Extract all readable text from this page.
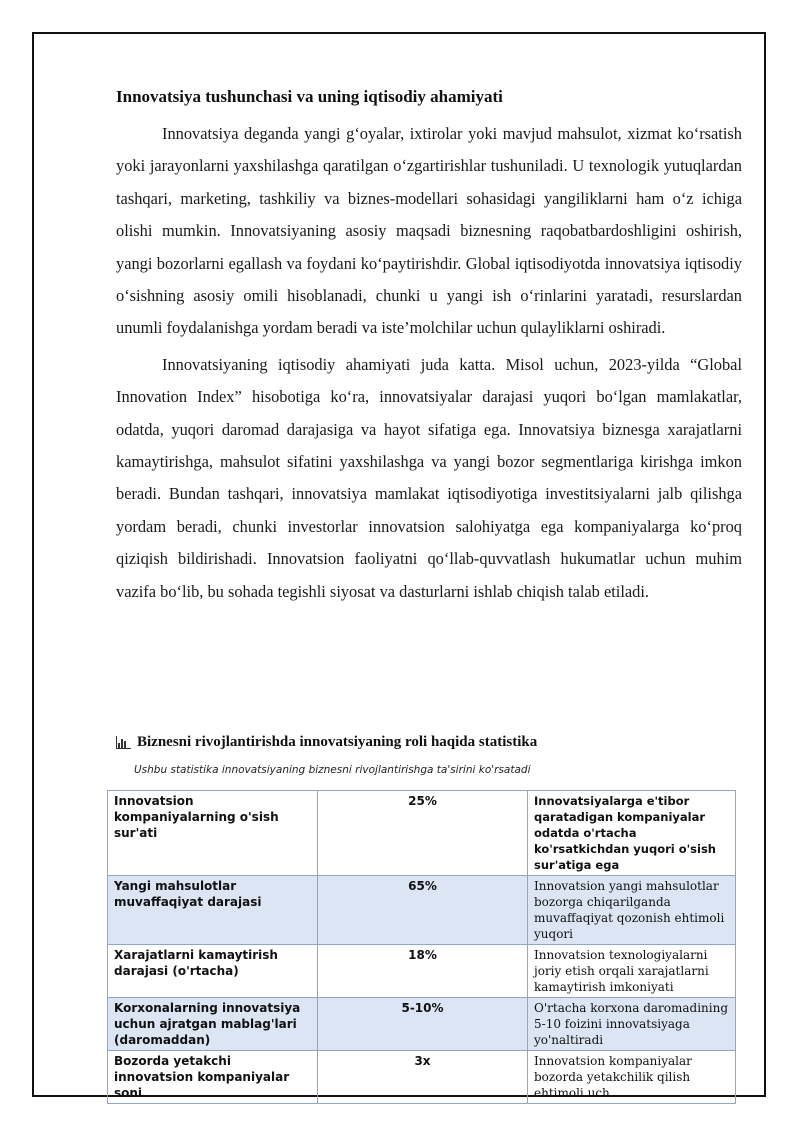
Innovatsiya tushunchasi va uning iqtisodiy ahamiyati

Innovatsiya deganda yangi g‘oyalar, ixtirolar yoki mavjud mahsulot, xizmat ko‘rsatish yoki jarayonlarni yaxshilashga qaratilgan o‘zgartirishlar tushuniladi. U texnologik yutuqlardan tashqari, marketing, tashkiliy va biznes-modellari sohasidagi yangiliklarni ham o‘z ichiga olishi mumkin. Innovatsiyaning asosiy maqsadi biznesning raqobatbardoshligini oshirish, yangi bozorlarni egallash va foydani ko‘paytirishdir. Global iqtisodiyotda innovatsiya iqtisodiy o‘sishning asosiy omili hisoblanadi, chunki u yangi ish o‘rinlarini yaratadi, resurslardan unumli foydalanishga yordam beradi va iste’molchilar uchun qulayliklarni oshiradi.

Innovatsiyaning iqtisodiy ahamiyati juda katta. Misol uchun, 2023-yilda “Global Innovation Index” hisobotiga ko‘ra, innovatsiyalar darajasi yuqori bo‘lgan mamlakatlar, odatda, yuqori daromad darajasiga va hayot sifatiga ega. Innovatsiya biznesga xarajatlarni kamaytirishga, mahsulot sifatini yaxshilashga va yangi bozor segmentlariga kirishga imkon beradi. Bundan tashqari, innovatsiya mamlakat iqtisodiyotiga investitsiyalarni jalb qilishga yordam beradi, chunki investorlar innovatsion salohiyatga ega kompaniyalarga ko‘proq qiziqish bildirishadi. Innovatsion faoliyatni qo‘llab-quvvatlash hukumatlar uchun muhim vazifa bo‘lib, bu sohada tegishli siyosat va dasturlarni ishlab chiqish talab etiladi.

Biznesni rivojlantirishda innovatsiyaning roli haqida statistika
Ushbu statistika innovatsiyaning biznesni rivojlantirishga ta'sirini ko'rsatadi
Innovatsion kompaniyalarning o'sish sur'ati	25%	Innovatsiyalarga e'tibor qaratadigan kompaniyalar odatda o'rtacha ko'rsatkichdan yuqori o'sish sur'atiga ega
Yangi mahsulotlar muvaffaqiyat darajasi	65%	Innovatsion yangi mahsulotlar bozorga chiqarilganda muvaffaqiyat qozonish ehtimoli yuqori
Xarajatlarni kamaytirish darajasi (o'rtacha)	18%	Innovatsion texnologiyalarni joriy etish orqali xarajatlarni kamaytirish imkoniyati
Korxonalarning innovatsiya uchun ajratgan mablag'lari (daromaddan)	5-10%	O'rtacha korxona daromadining 5-10 foizini innovatsiyaga yo'naltiradi
Bozorda yetakchi innovatsion kompaniyalar soni	3x	Innovatsion kompaniyalar bozorda yetakchilik qilish ehtimoli uch
